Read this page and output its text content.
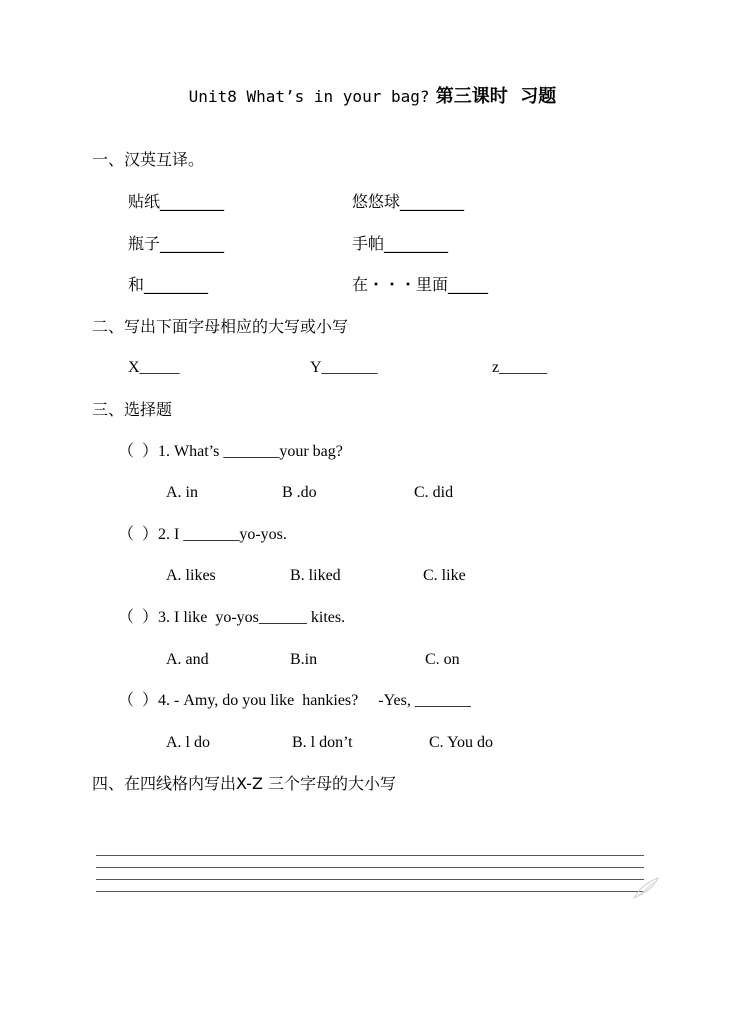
Unit8 What’s in your bag? 第三课时  习题
一、汉英互译。
贴纸________	悠悠球________
瓶子________	手帕________
和________	在・・・里面_____
二、写出下面字母相应的大写或小写
X_____	Y_______	z______
三、选择题
（  ）1. What’s _______your bag?
A. in	B .do	C. did
（  ）2. I _______yo-yos.
A. likes	B. liked	C. like
（  ）3. I like  yo-yos______ kites.
A. and	B.in	C. on
（  ）4. - Amy, do you like  hankies?     -Yes, _______
A. l do	B. l don’t	C. You do
四、在四线格内写出X-Z 三个字母的大小写
